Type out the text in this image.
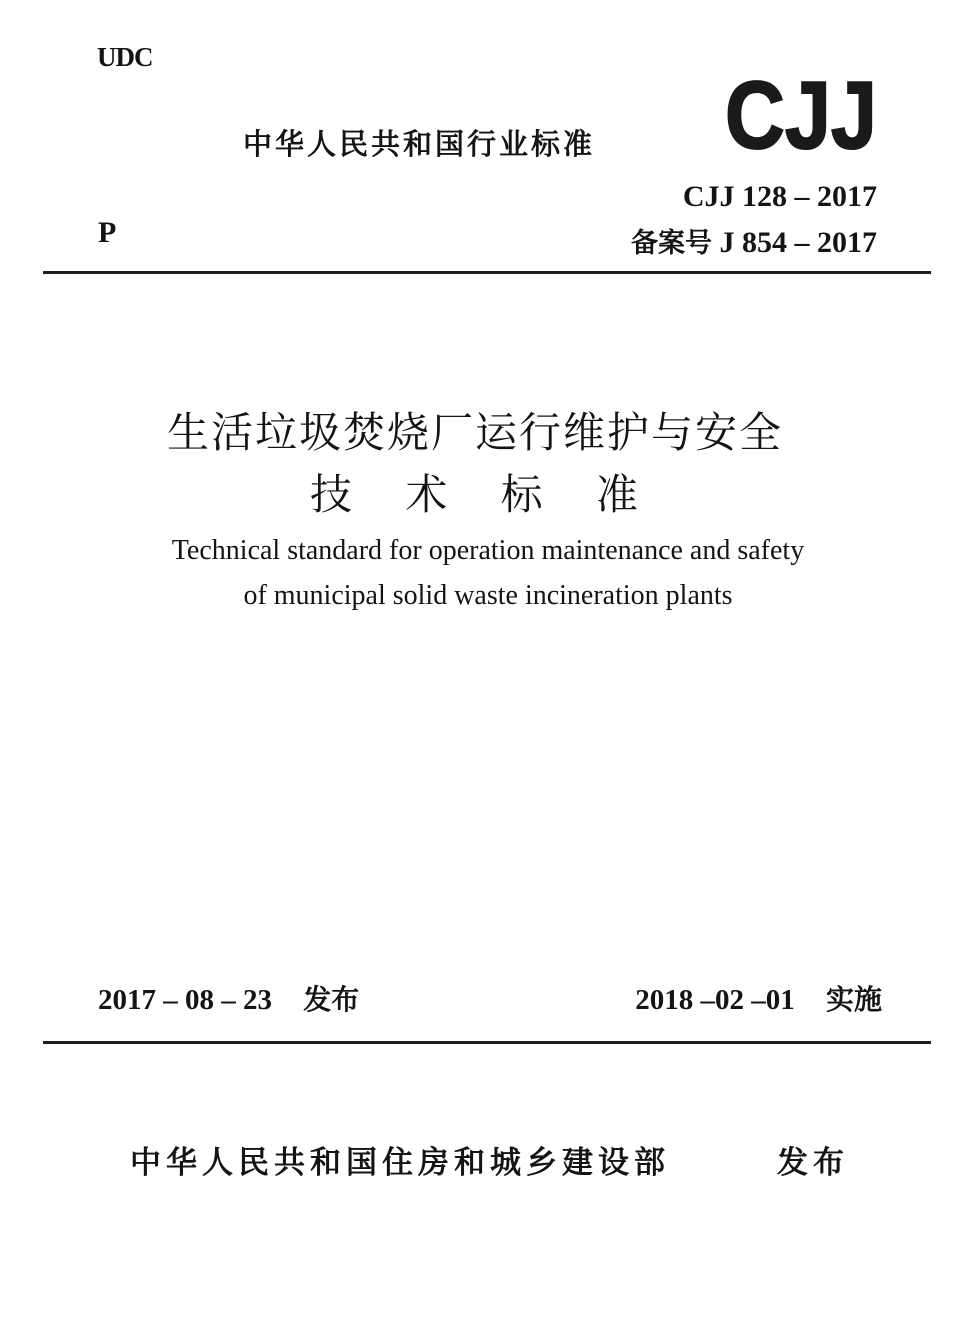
UDC
中华人民共和国行业标准 CJJ
CJJ 128 – 2017
P	备案号 J 854 – 2017
生活垃圾焚烧厂运行维护与安全
技 术 标 准
Technical standard for operation maintenance and safety
of municipal solid waste incineration plants
2017 – 08 – 23 发布	2018 –02 –01 实施
中华人民共和国住房和城乡建设部	发布
